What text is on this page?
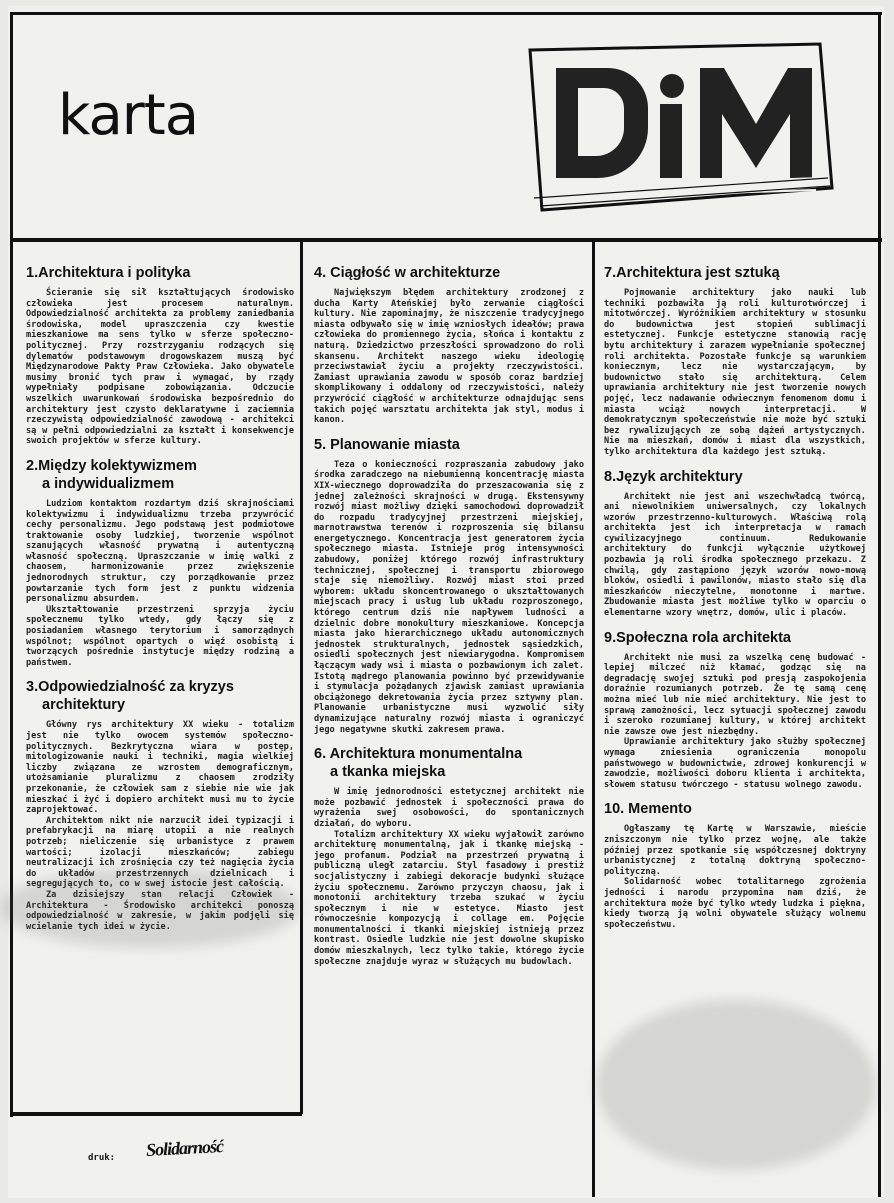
karta
1.Architektura i polityka

Ścieranie się sił kształtujących środowisko człowieka jest procesem naturalnym. Odpowiedzialność architekta za problemy zaniedbania środowiska, model upraszczenia czy kwestie mieszkaniowe ma sens tylko w sferze społeczno-politycznej. Przy rozstrzyganiu rodzących się dylematów podstawowym drogowskazem muszą być Międzynarodowe Pakty Praw Człowieka. Jako obywatele musimy bronić tych praw i wymagać, by rządy wypełniały podpisane zobowiązania. Odczucie wszelkich uwarunkowań środowiska bezpośrednio do architektury jest czysto deklaratywne i zaciemnia rzeczywistą odpowiedzialność zawodową - architekci są w pełni odpowiedzialni za kształt i konsekwencje swoich projektów w sferze kultury.

2.Między kolektywizmem
a indywidualizmem

Ludziom kontaktom rozdartym dziś skrajnościami kolektywizmu i indywidualizmu trzeba przywrócić cechy personalizmu. Jego podstawą jest podmiotowe traktowanie osoby ludzkiej, tworzenie wspólnot szanujących własność prywatną i autentyczną własność społeczną. Upraszczanie w imię walki z chaosem, harmonizowanie przez zwiększenie jednorodnych struktur, czy porządkowanie przez powtarzanie tych form jest z punktu widzenia personalizmu absurdem.

Ukształtowanie przestrzeni sprzyja życiu społecznemu tylko wtedy, gdy łączy się z posiadaniem własnego terytorium i samorządnych wspólnot; wspólnot opartych o więź osobistą i tworzących pośrednie instytucje między rodziną a państwem.

3.Odpowiedzialność za kryzys
architektury

Główny rys architektury XX wieku - totalizm jest nie tylko owocem systemów społeczno-politycznych. Bezkrytyczna wiara w postęp, mitologizowanie nauki i techniki, magia wielkiej liczby związana ze wzrostem demograficznym, utożsamianie pluralizmu z chaosem zrodziły przekonanie, że człowiek sam z siebie nie wie jak mieszkać i żyć i dopiero architekt musi mu to życie zaprojektować.

Architektom nikt nie narzucił idei typizacji i prefabrykacji na miarę utopii a nie realnych potrzeb; nieliczenie się urbanistyce z prawem wartości; izolacji mieszkańców; zabiegu neutralizacji ich zrośnięcia czy też nagięcia życia do układów przestrzennych dzielnicach i segregujących to, co w swej istocie jest całością.

Za dzisiejszy stan relacji Człowiek - Architektura - Środowisko architekci ponoszą odpowiedzialność w zakresie, w jakim podjęli się wcielanie tych idei w życie.

4. Ciągłość w architekturze

Największym błędem architektury zrodzonej z ducha Karty Ateńskiej było zerwanie ciągłości kultury. Nie zapominajmy, że niszczenie tradycyjnego miasta odbywało się w imię wzniosłych ideałów; prawa człowieka do promiennego życia, słońca i kontaktu z naturą. Dziedzictwo przeszłości sprowadzono do roli skansenu. Architekt naszego wieku ideologię przeciwstawiał życiu a projekty rzeczywistości. Zamiast uprawiania zawodu w sposób coraz bardziej skomplikowany i oddalony od rzeczywistości, należy przywrócić ciągłość w architekturze odnajdując sens takich pojęć warsztatu architekta jak styl, modus i kanon.

5. Planowanie miasta

Teza o konieczności rozpraszania zabudowy jako środka zaradczego na niebumienną koncentrację miasta XIX-wiecznego doprowadziła do przeszacowania się z jednej zależności skrajności w drugą. Ekstensywny rozwój miast możliwy dzięki samochodowi doprowadził do rozpadu tradycyjnej przestrzeni miejskiej, marnotrawstwa terenów i rozproszenia się bilansu energetycznego. Koncentracja jest generatorem życia społecznego miasta. Istnieje próg intensywności zabudowy, poniżej którego rozwój infrastruktury technicznej, społecznej i transportu zbiorowego staje się niemożliwy. Rozwój miast stoi przed wyborem: układu skoncentrowanego o ukształtowanych miejscach pracy i usług lub układu rozproszonego, którego centrum dziś nie napływem ludności a dzielnic dobre monokultury mieszkaniowe. Koncepcja miasta jako hierarchicznego układu autonomicznych jednostek strukturalnych, jednostek sąsiedzkich, osiedli społecznych jest niewiarygodna. Kompromisem łączącym wady wsi i miasta o pozbawionym ich zalet. Istotą mądrego planowania powinno być przewidywanie i stymulacja pożądanych zjawisk zamiast uprawiania obciążonego dekretowania życia przez sztywny plan. Planowanie urbanistyczne musi wyzwolić siły dynamizujące naturalny rozwój miasta i ograniczyć jego negatywne skutki zakresem prawa.

6. Architektura monumentalna
a tkanka miejska

W imię jednorodności estetycznej architekt nie może pozbawić jednostek i społeczności prawa do wyrażenia swej osobowości, do spontanicznych działań, do wyboru.

Totalizm architektury XX wieku wyjałowił zarówno architekturę monumentalną, jak i tkankę miejską - jego profanum. Podział na przestrzeń prywatną i publiczną uległ zatarciu. Styl fasadowy i prestiż socjalistyczny i zabiegi dekoracje budynki służące życiu społecznemu. Zarówno przyczyn chaosu, jak i monotonii architektury trzeba szukać w życiu społecznym i nie w estetyce. Miasto jest równocześnie kompozycją i collage em. Pojęcie monumentalności i tkanki miejskiej istnieją przez kontrast. Osiedle ludzkie nie jest dowolne skupisko domów mieszkalnych, lecz tylko takie, którego życie społeczne znajduje wyraz w służących mu budowlach.

7.Architektura jest sztuką

Pojmowanie architektury jako nauki lub techniki pozbawiła ją roli kulturotwórczej i mitotwórczej. Wyróżnikiem architektury w stosunku do budownictwa jest stopień sublimacji estetycznej. Funkcje estetyczne stanowią rację bytu architektury i zarazem wypełnianie społecznej roli architekta. Pozostałe funkcje są warunkiem koniecznym, lecz nie wystarczającym, by budownictwo stało się architekturą. Celem uprawiania architektury nie jest tworzenie nowych pojęć, lecz nadawanie odwiecznym fenomenom domu i miasta wciąż nowych interpretacji. W demokratycznym społeczeństwie nie może być sztuki bez rywalizujących ze sobą dążeń artystycznych. Nie ma mieszkań, domów i miast dla wszystkich, tylko architektura dla każdego jest sztuką.

8.Język architektury

Architekt nie jest ani wszechwładcą twórcą, ani niewolnikiem uniwersalnych, czy lokalnych wzorów przestrzenno-kulturowych. Właściwą rolą architekta jest ich interpretacja w ramach cywilizacyjnego continuum. Redukowanie architektury do funkcji wyłącznie użytkowej pozbawia ją roli środka społecznego przekazu. Z chwilą, gdy zastąpiono język wzorów nowo-mową bloków, osiedli i pawilonów, miasto stało się dla mieszkańców nieczytelne, monotonne i martwe. Zbudowanie miasta jest możliwe tylko w oparciu o elementarne wzory wnętrz, domów, ulic i placów.

9.Społeczna rola architekta

Architekt nie musi za wszelką cenę budować - lepiej milczeć niż kłamać, godząc się na degradację swojej sztuki pod presją zaspokojenia doraźnie rozumianych potrzeb. Że tę samą cenę można mieć lub nie mieć architektury. Nie jest to sprawą zamożności, lecz sytuacji społecznej zawodu i szeroko rozumianej kultury, w której architekt nie zawsze owe jest niezbędny.

Uprawianie architektury jako służby społecznej wymaga zniesienia ograniczenia monopolu państwowego w budownictwie, zdrowej konkurencji w zawodzie, możliwości doboru klienta i architekta, słowem statusu twórczego - statusu wolnego zawodu.

10. Memento

Ogłaszamy tę Kartę w Warszawie, mieście zniszczonym nie tylko przez wojnę, ale także później przez spotkanie się współczesnej doktryny urbanistycznej z totalną doktryną społeczno-polityczną.

Solidarność wobec totalitarnego zgrożenia jedności i narodu przypomina nam dziś, że architektura może być tylko wtedy ludzka i piękna, kiedy tworzą ją wolni obywatele służący wolnemu społeczeństwu.

druk: Solidarność
